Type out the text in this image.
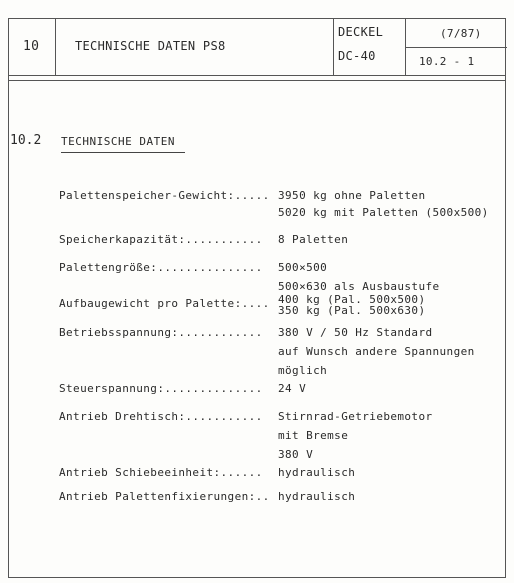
10	TECHNISCHE DATEN PS8
DECKEL
DC-40
(7/87)
10.2 - 1
10.2 TECHNISCHE DATEN
Palettenspeicher-Gewicht:..... 3950 kg ohne Paletten
5020 kg mit Paletten (500x500)
Speicherkapazität:........... 8 Paletten
Palettengröße:............... 500×500
500×630 als Ausbaustufe
Aufbaugewicht pro Palette:.... 400 kg (Pal. 500x500)
350 kg (Pal. 500x630)
Betriebsspannung:............ 380 V / 50 Hz Standard
auf Wunsch andere Spannungen
möglich
Steuerspannung:.............. 24 V
Antrieb Drehtisch:........... Stirnrad-Getriebemotor
mit Bremse
380 V
Antrieb Schiebeeinheit:...... hydraulisch
Antrieb Palettenfixierungen:.. hydraulisch
